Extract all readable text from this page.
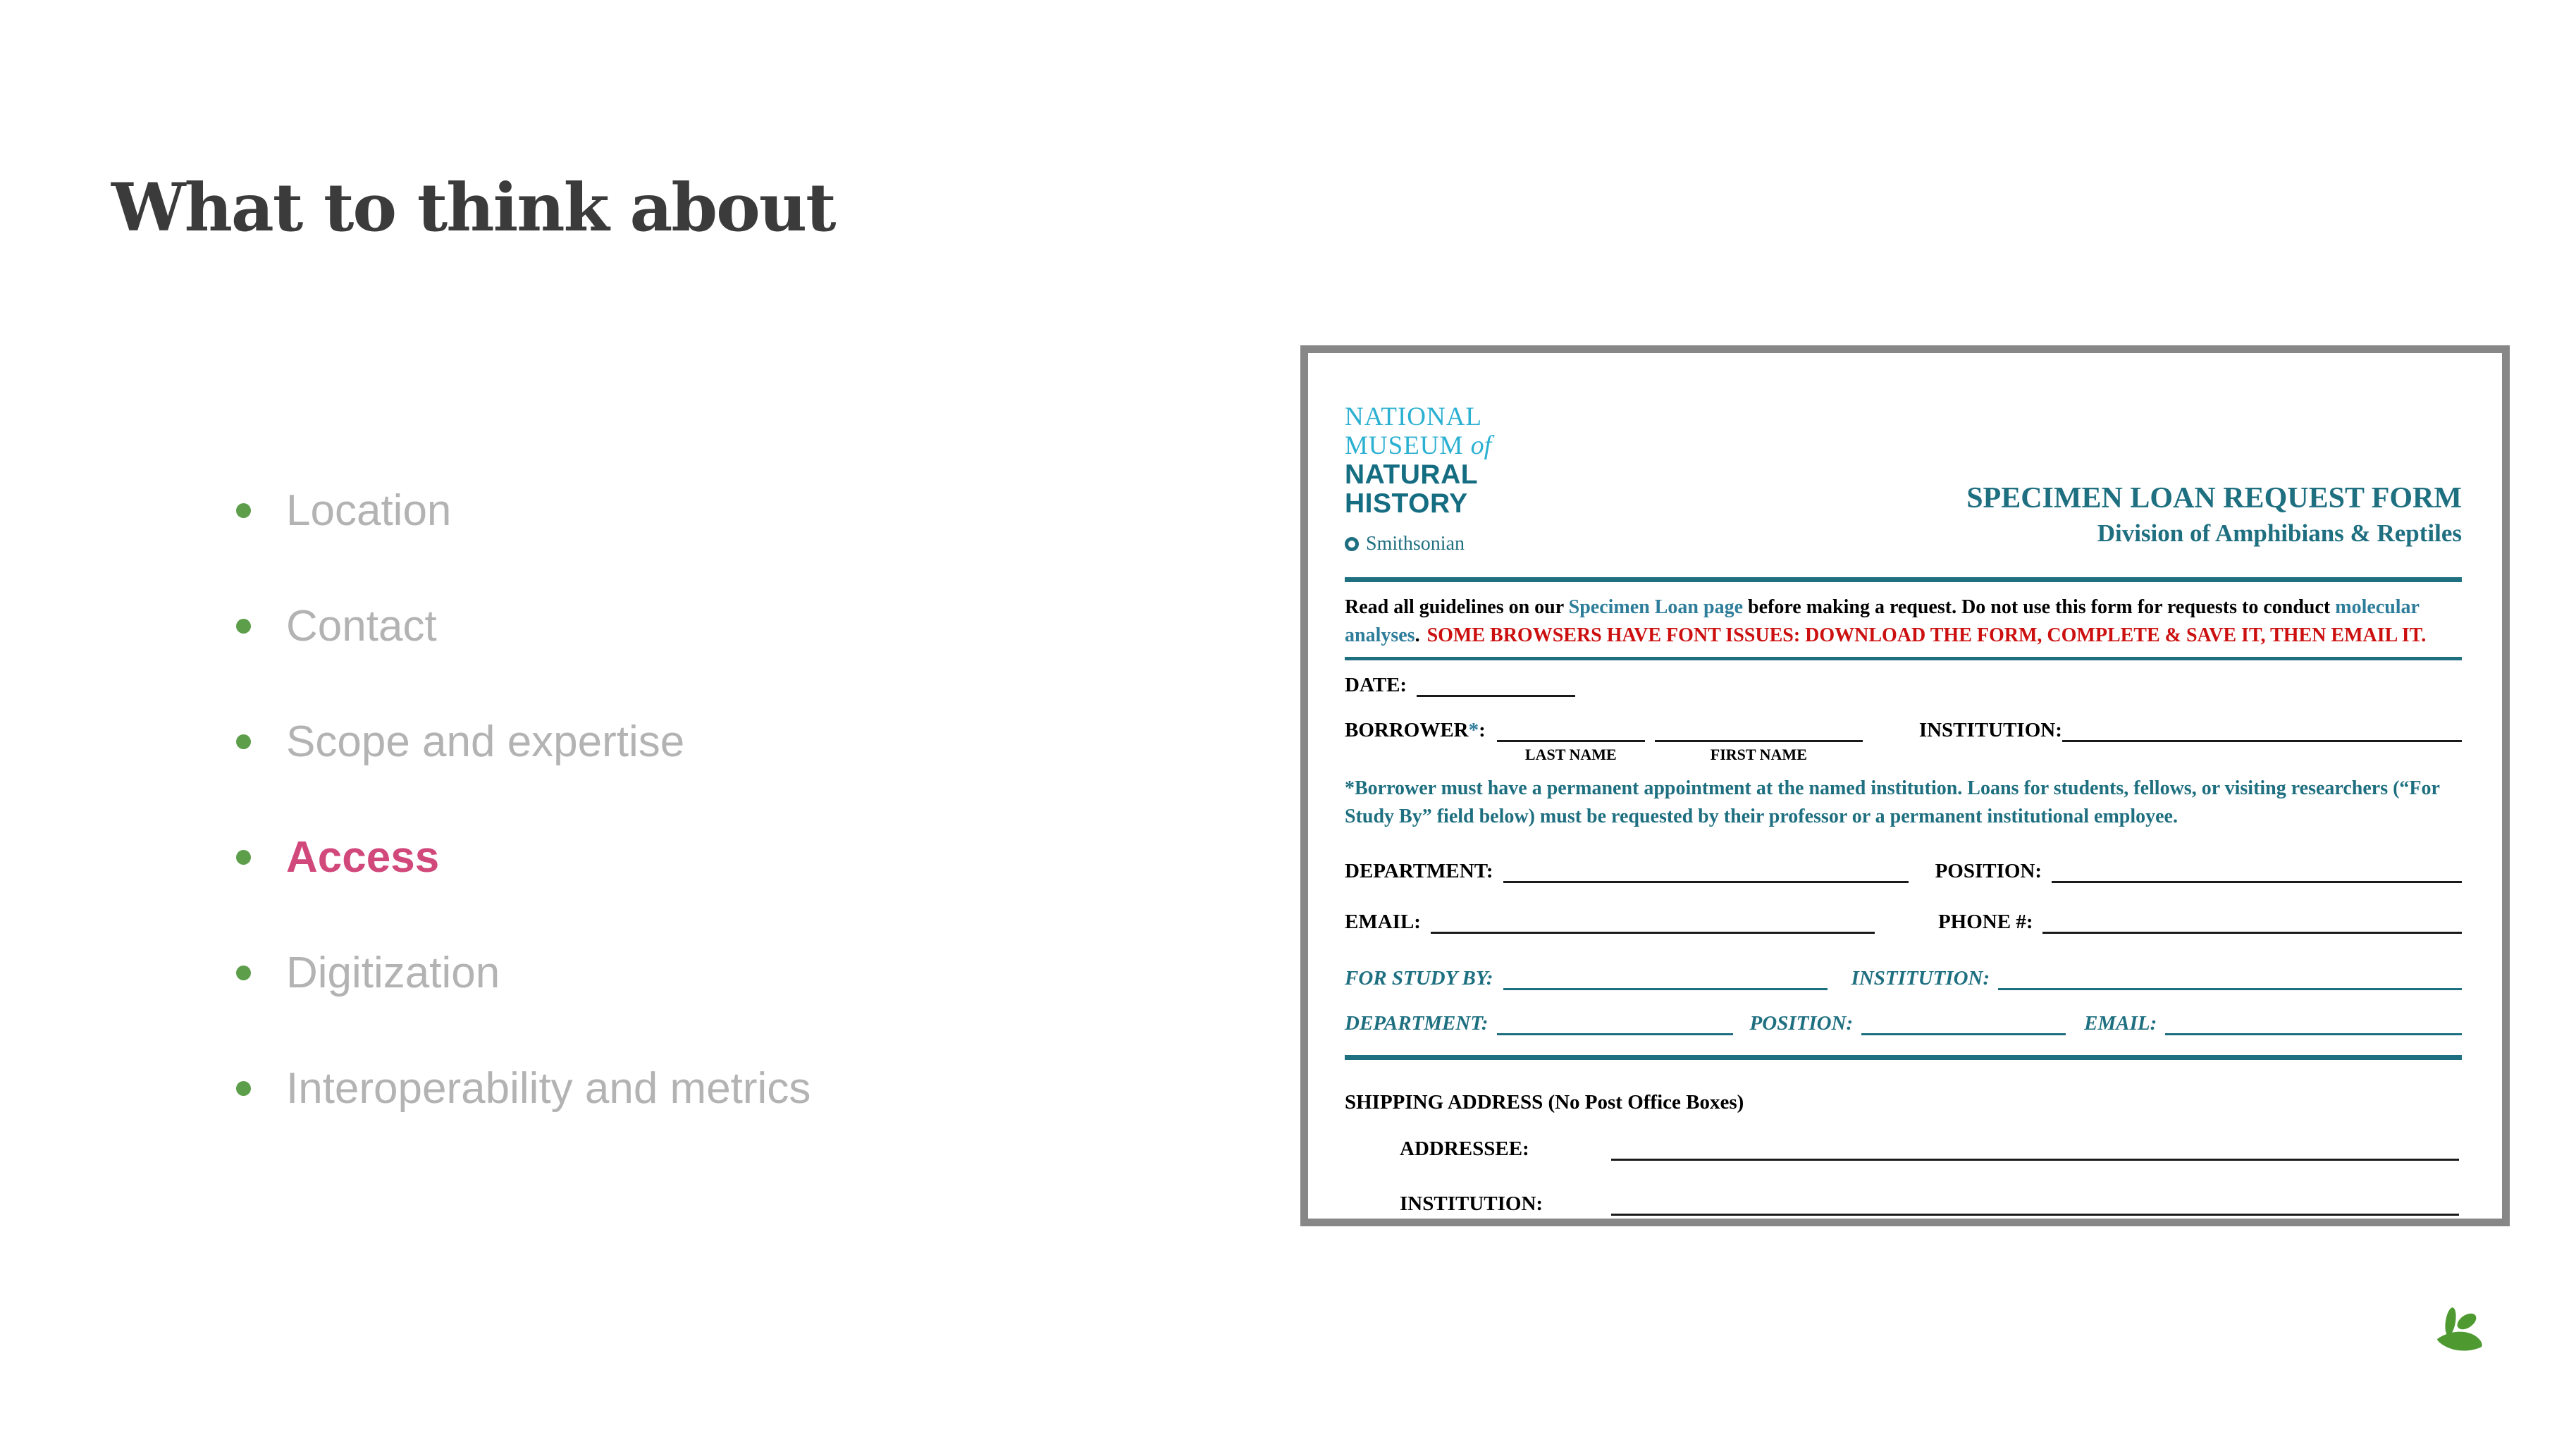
What to think about
Location
Contact
Scope and expertise
Access
Digitization
Interoperability and metrics
NATIONAL
MUSEUM of
NATURAL
HISTORY
Smithsonian
SPECIMEN LOAN REQUEST FORM
Division of Amphibians & Reptiles

Read all guidelines on our Specimen Loan page before making a request. Do not use this form for requests to conduct molecular analyses. SOME BROWSERS HAVE FONT ISSUES: DOWNLOAD THE FORM, COMPLETE & SAVE IT, THEN EMAIL IT.

DATE:
BORROWER*:
LAST NAME	FIRST NAME
INSTITUTION:

*Borrower must have a permanent appointment at the named institution. Loans for students, fellows, or visiting researchers (“For Study By” field below) must be requested by their professor or a permanent institutional employee.

DEPARTMENT:	POSITION:
EMAIL:	PHONE #:
FOR STUDY BY:	INSTITUTION:
DEPARTMENT:	POSITION:	EMAIL:
SHIPPING ADDRESS (No Post Office Boxes)
ADDRESSEE:
INSTITUTION:
